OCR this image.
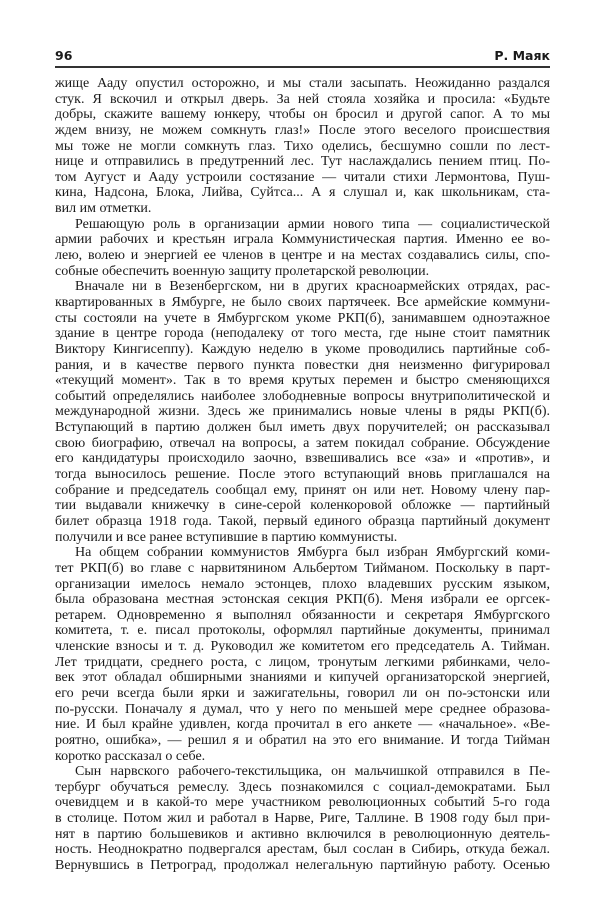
96	Р. Маяк
жище Ааду опустил осторожно, и мы стали засыпать. Неожиданно раздался
стук. Я вскочил и открыл дверь. За ней стояла хозяйка и просила: «Будьте
добры, скажите вашему юнкеру, чтобы он бросил и другой сапог. А то мы
ждем внизу, не можем сомкнуть глаз!» После этого веселого происшествия
мы тоже не могли сомкнуть глаз. Тихо оделись, бесшумно сошли по лест-
нице и отправились в предутренний лес. Тут наслаждались пением птиц. По-
том Аугуст и Ааду устроили состязание — читали стихи Лермонтова, Пуш-
кина, Надсона, Блока, Лийва, Суйтса... А я слушал и, как школьникам, ста-
вил им отметки.
Решающую роль в организации армии нового типа — социалистической
армии рабочих и крестьян играла Коммунистическая партия. Именно ее во-
лею, волею и энергией ее членов в центре и на местах создавались силы, спо-
собные обеспечить военную защиту пролетарской революции.
Вначале ни в Везенбергском, ни в других красноармейских отрядах, рас-
квартированных в Ямбурге, не было своих партячеек. Все армейские коммуни-
сты состояли на учете в Ямбургском укоме РКП(б), занимавшем одноэтажное
здание в центре города (неподалеку от того места, где ныне стоит памятник
Виктору Кингисеппу). Каждую неделю в укоме проводились партийные соб-
рания, и в качестве первого пункта повестки дня неизменно фигурировал
«текущий момент». Так в то время крутых перемен и быстро сменяющихся
событий определялись наиболее злободневные вопросы внутриполитической и
международной жизни. Здесь же принимались новые члены в ряды РКП(б).
Вступающий в партию должен был иметь двух поручителей; он рассказывал
свою биографию, отвечал на вопросы, а затем покидал собрание. Обсуждение
его кандидатуры происходило заочно, взвешивались все «за» и «против», и
тогда выносилось решение. После этого вступающий вновь приглашался на
собрание и председатель сообщал ему, принят он или нет. Новому члену пар-
тии выдавали книжечку в сине-серой коленкоровой обложке — партийный
билет образца 1918 года. Такой, первый единого образца партийный документ
получили и все ранее вступившие в партию коммунисты.
На общем собрании коммунистов Ямбурга был избран Ямбургский коми-
тет РКП(б) во главе с нарвитянином Альбертом Тийманом. Поскольку в парт-
организации имелось немало эстонцев, плохо владевших русским языком,
была образована местная эстонская секция РКП(б). Меня избрали ее оргсек-
ретарем. Одновременно я выполнял обязанности и секретаря Ямбургского
комитета, т. е. писал протоколы, оформлял партийные документы, принимал
членские взносы и т. д. Руководил же комитетом его председатель А. Тийман.
Лет тридцати, среднего роста, с лицом, тронутым легкими рябинками, чело-
век этот обладал обширными знаниями и кипучей организаторской энергией,
его речи всегда были ярки и зажигательны, говорил ли он по-эстонски или
по-русски. Поначалу я думал, что у него по меньшей мере среднее образова-
ние. И был крайне удивлен, когда прочитал в его анкете — «начальное». «Ве-
роятно, ошибка», — решил я и обратил на это его внимание. И тогда Тийман
коротко рассказал о себе.
Сын нарвского рабочего-текстильщика, он мальчишкой отправился в Пе-
тербург обучаться ремеслу. Здесь познакомился с социал-демократами. Был
очевидцем и в какой-то мере участником революционных событий 5-го года
в столице. Потом жил и работал в Нарве, Риге, Таллине. В 1908 году был при-
нят в партию большевиков и активно включился в революционную деятель-
ность. Неоднократно подвергался арестам, был сослан в Сибирь, откуда бежал.
Вернувшись в Петроград, продолжал нелегальную партийную работу. Осенью
